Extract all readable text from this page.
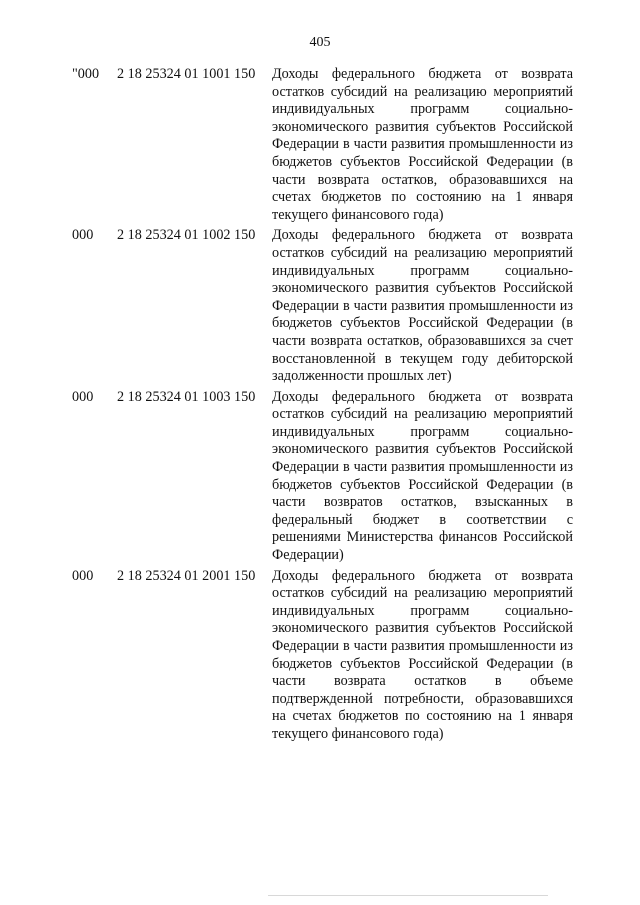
405
"000	2 18 25324 01 1001 150	Доходы федерального бюджета от возврата остатков субсидий на реализацию мероприятий индивидуальных программ социально-экономического развития субъектов Российской Федерации в части развития промышленности из бюджетов субъектов Российской Федерации (в части возврата остатков, образовавшихся на счетах бюджетов по состоянию на 1 января текущего финансового года)
000	2 18 25324 01 1002 150	Доходы федерального бюджета от возврата остатков субсидий на реализацию мероприятий индивидуальных программ социально-экономического развития субъектов Российской Федерации в части развития промышленности из бюджетов субъектов Российской Федерации (в части возврата остатков, образовавшихся за счет восстановленной в текущем году дебиторской задолженности прошлых лет)
000	2 18 25324 01 1003 150	Доходы федерального бюджета от возврата остатков субсидий на реализацию мероприятий индивидуальных программ социально-экономического развития субъектов Российской Федерации в части развития промышленности из бюджетов субъектов Российской Федерации (в части возвратов остатков, взысканных в федеральный бюджет в соответствии с решениями Министерства финансов Российской Федерации)
000	2 18 25324 01 2001 150	Доходы федерального бюджета от возврата остатков субсидий на реализацию мероприятий индивидуальных программ социально-экономического развития субъектов Российской Федерации в части развития промышленности из бюджетов субъектов Российской Федерации (в части возврата остатков в объеме подтвержденной потребности, образовавшихся на счетах бюджетов по состоянию на 1 января текущего финансового года)
